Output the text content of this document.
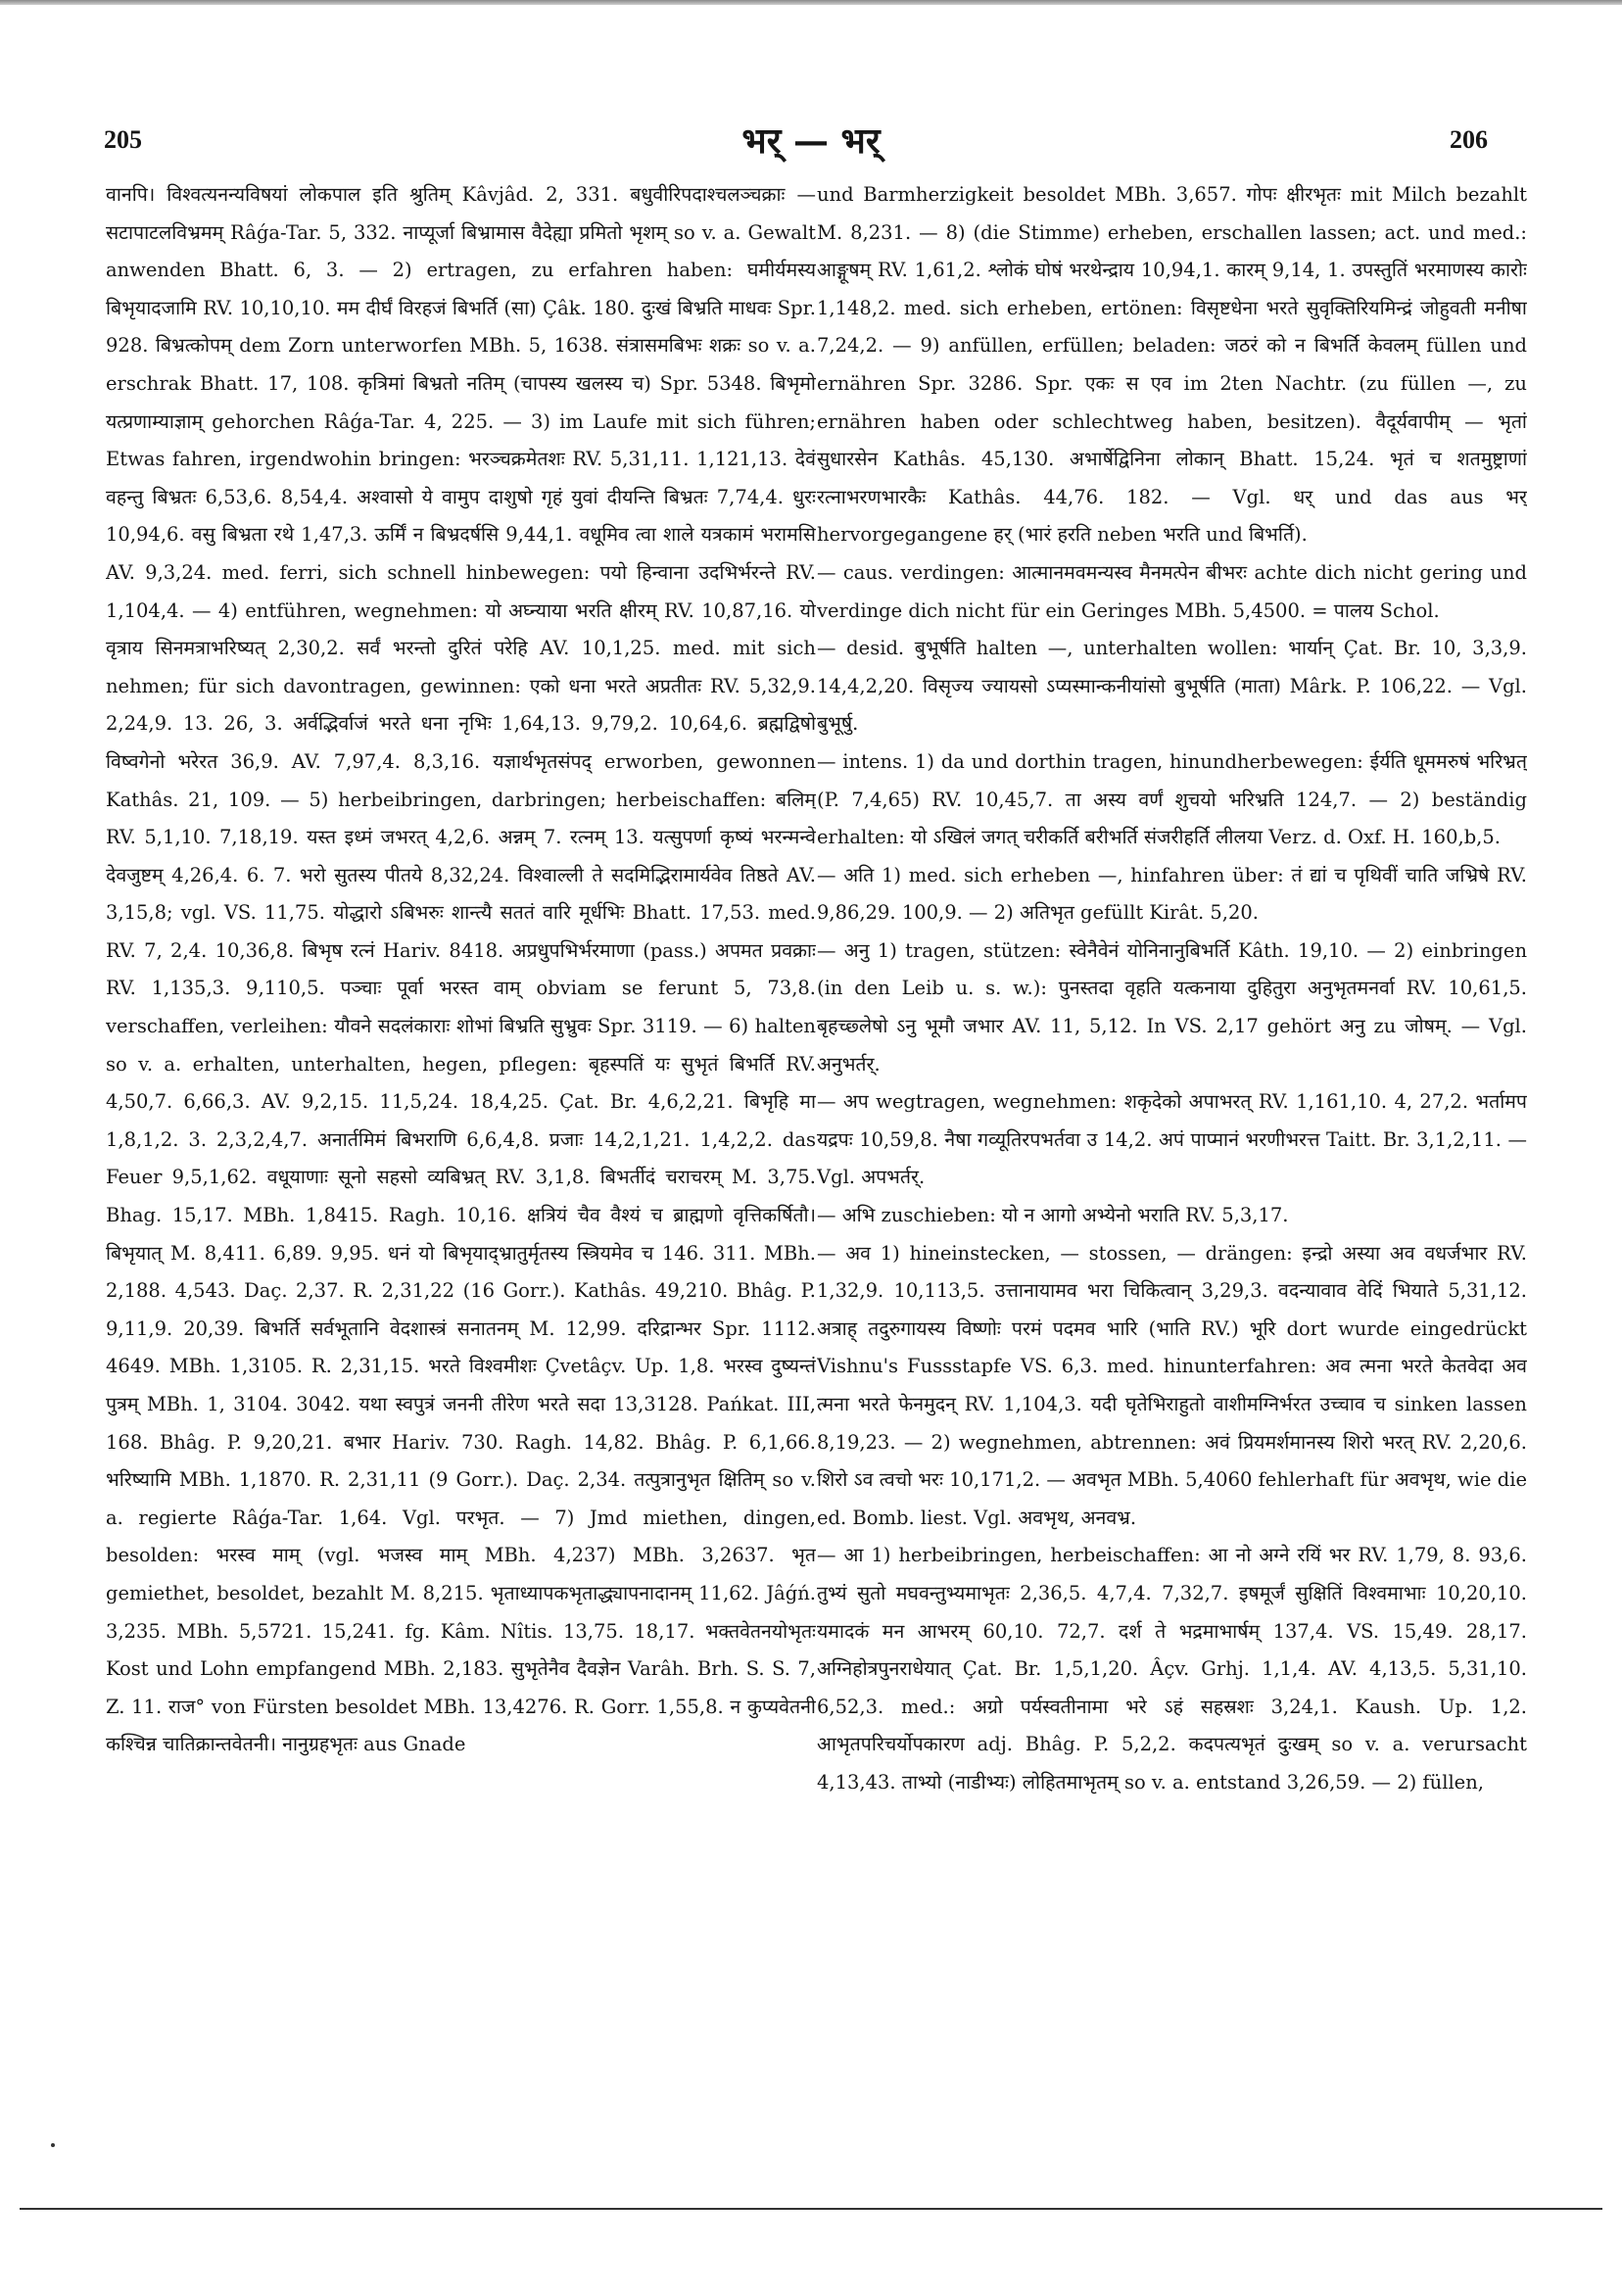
205	भर् — भर्	206

वानपि। विश्वत्यनन्यविषयां लोकपाल इति श्रुतिम् Kâvjâd. 2, 331. बधुवीरिपदाश्चलञ्चक्राः — सटापाटलविभ्रमम् Râǵa-Tar. 5, 332. नाप्यूर्जा बिभ्रामास वैदेह्या प्रमितो भृशम् so v. a. Gewalt anwenden Bhatt. 6, 3. — 2) ertragen, zu erfahren haben: घमीर्यमस्य बिभृयादजामि RV. 10,10,10. मम दीर्घं विरहजं बिभर्ति (सा) Çâk. 180. दुःखं बिभ्रति माधवः Spr. 928. बिभ्रत्कोपम् dem Zorn unterworfen MBh. 5, 1638. संत्रासमबिभः शक्रः so v. a. erschrak Bhatt. 17, 108. कृत्रिमां बिभ्रतो नतिम् (चापस्य खलस्य च) Spr. 5348. बिभृमो यत्प्रणाम्याज्ञाम् gehorchen Râǵa-Tar. 4, 225. — 3) im Laufe mit sich führen; Etwas fahren, irgendwohin bringen: भरञ्चक्रमेतशः RV. 5,31,11. 1,121,13. देवं वहन्तु बिभ्रतः 6,53,6. 8,54,4. अश्वासो ये वामुप दाशुषो गृहं युवां दीयन्ति बिभ्रतः 7,74,4. धुरः 10,94,6. वसु बिभ्रता रथे 1,47,3. ऊर्मिं न बिभ्रदर्षसि 9,44,1. वधूमिव त्वा शाले यत्रकामं भरामसि AV. 9,3,24. med. ferri, sich schnell hinbewegen: पयो हिन्वाना उदभिर्भरन्ते RV. 1,104,4. — 4) entführen, wegnehmen: यो अघ्न्याया भरति क्षीरम् RV. 10,87,16. यो वृत्राय सिनमत्राभरिष्यत् 2,30,2. सर्वं भरन्तो दुरितं परेहि AV. 10,1,25. med. mit sich nehmen; für sich davontragen, gewinnen: एको धना भरते अप्रतीतः RV. 5,32,9. 2,24,9. 13. 26, 3. अर्वद्भिर्वाजं भरते धना नृभिः 1,64,13. 9,79,2. 10,64,6. ब्रह्मद्विषो विष्वगेनो भरेरत 36,9. AV. 7,97,4. 8,3,16. यज्ञार्थभृतसंपद् erworben, gewonnen Kathâs. 21, 109. — 5) herbeibringen, darbringen; herbeischaffen: बलिम् RV. 5,1,10. 7,18,19. यस्त इध्मं जभरत् 4,2,6. अन्नम् 7. रत्नम् 13. यत्सुपर्णा कृष्यं भरन्मन्वे देवजुष्टम् 4,26,4. 6. 7. भरो सुतस्य पीतये 8,32,24. विश्वाल्ली ते सदमिद्भिरामार्यवेव तिष्ठते AV. 3,15,8; vgl. VS. 11,75. योद्धारो ऽबिभरुः शान्त्यै सततं वारि मूर्धभिः Bhatt. 17,53. med. RV. 7, 2,4. 10,36,8. बिभृष रत्नं Hariv. 8418. अप्रधुपभिर्भरमाणा (pass.) अपमत प्रवक्राः RV. 1,135,3. 9,110,5. पञ्चाः पूर्वा भरस्त वाम् obviam se ferunt 5, 73,8. verschaffen, verleihen: यौवने सदलंकाराः शोभां बिभ्रति सुभ्रुवः Spr. 3119. — 6) halten so v. a. erhalten, unterhalten, hegen, pflegen: बृहस्पतिं यः सुभृतं बिभर्ति RV. 4,50,7. 6,66,3. AV. 9,2,15. 11,5,24. 18,4,25. Çat. Br. 4,6,2,21. बिभृहि मा 1,8,1,2. 3. 2,3,2,4,7. अनार्तमिमं बिभराणि 6,6,4,8. प्रजाः 14,2,1,21. 1,4,2,2. das Feuer 9,5,1,62. वधूयाणाः सूनो सहसो व्यबिभ्रत् RV. 3,1,8. बिभर्तीदं चराचरम् M. 3,75. Bhag. 15,17. MBh. 1,8415. Ragh. 10,16. क्षत्रियं चैव वैश्यं च ब्राह्मणो वृत्तिकर्षितौ। बिभृयात् M. 8,411. 6,89. 9,95. धनं यो बिभृयाद्भ्रातुर्मृतस्य स्त्रियमेव च 146. 311. MBh. 2,188. 4,543. Daç. 2,37. R. 2,31,22 (16 Gorr.). Kathâs. 49,210. Bhâg. P. 9,11,9. 20,39. बिभर्ति सर्वभूतानि वेदशास्त्रं सनातनम् M. 12,99. दरिद्रान्भर Spr. 1112. 4649. MBh. 1,3105. R. 2,31,15. भरते विश्वमीशः Çvetâçv. Up. 1,8. भरस्व दुष्यन्तं पुत्रम् MBh. 1, 3104. 3042. यथा स्वपुत्रं जननी तीरेण भरते सदा 13,3128. Pańkat. III, 168. Bhâg. P. 9,20,21. बभार Hariv. 730. Ragh. 14,82. Bhâg. P. 6,1,66. भरिष्यामि MBh. 1,1870. R. 2,31,11 (9 Gorr.). Daç. 2,34. तत्पुत्रानुभृत क्षितिम् so v. a. regierte Râǵa-Tar. 1,64. Vgl. परभृत. — 7) Jmd miethen, dingen, besolden: भरस्व माम् (vgl. भजस्व माम् MBh. 4,237) MBh. 3,2637. भृत gemiethet, besoldet, bezahlt M. 8,215. भृताध्यापकभृताद्ध्यापनादानम् 11,62. Jâǵń. 3,235. MBh. 5,5721. 15,241. fg. Kâm. Nîtis. 13,75. 18,17. भक्तवेतनयोभृतः Kost und Lohn empfangend MBh. 2,183. सुभृतेनैव दैवज्ञेन Varâh. Brh. S. S. 7, Z. 11. राज° von Fürsten besoldet MBh. 13,4276. R. Gorr. 1,55,8. न कुप्यवेतनी कश्चिन्न चातिक्रान्तवेतनी। नानुग्रहभृतः aus Gnade

und Barmherzigkeit besoldet MBh. 3,657. गोपः क्षीरभृतः mit Milch bezahlt M. 8,231. — 8) (die Stimme) erheben, erschallen lassen; act. und med.: आङ्गूषम् RV. 1,61,2. श्लोकं घोषं भरथेन्द्राय 10,94,1. कारम् 9,14, 1. उपस्तुतिं भरमाणस्य कारोः 1,148,2. med. sich erheben, ertönen: विसृष्टधेना भरते सुवृक्तिरियमिन्द्रं जोहुवती मनीषा 7,24,2. — 9) anfüllen, erfüllen; beladen: जठरं को न बिभर्ति केवलम् füllen und ernähren Spr. 3286. Spr. एकः स एव im 2ten Nachtr. (zu füllen —, zu ernähren haben oder schlechtweg haben, besitzen). वैदूर्यवापीम् — भृतां सुधारसेन Kathâs. 45,130. अभार्षेद्विनिना लोकान् Bhatt. 15,24. भृतं च शतमुष्ट्राणां रत्नाभरणभारकैः Kathâs. 44,76. 182. — Vgl. धर् und das aus भर् hervorgegangene हर् (भारं हरति neben भरति und बिभर्ति).

— caus. verdingen: आत्मानमवमन्यस्व मैनमत्पेन बीभरः achte dich nicht gering und verdinge dich nicht für ein Geringes MBh. 5,4500. = पालय Schol.

— desid. बुभूर्षति halten —, unterhalten wollen: भार्यान् Çat. Br. 10, 3,3,9. 14,4,2,20. विसृज्य ज्यायसो ऽप्यस्मान्कनीयांसो बुभूर्षति (माता) Mârk. P. 106,22. — Vgl. बुभूर्षु.

— intens. 1) da und dorthin tragen, hinundherbewegen: ईर्यति धूममरुषं भरिभ्रत् (P. 7,4,65) RV. 10,45,7. ता अस्य वर्णं शुचयो भरिभ्रति 124,7. — 2) beständig erhalten: यो ऽखिलं जगत् चरीकर्ति बरीभर्ति संजरीहर्ति लीलया Verz. d. Oxf. H. 160,b,5.

— अति 1) med. sich erheben —, hinfahren über: तं द्यां च पृथिवीं चाति जभ्रिषे RV. 9,86,29. 100,9. — 2) अतिभृत gefüllt Kirât. 5,20.

— अनु 1) tragen, stützen: स्वेनैवेनं योनिनानुबिभर्ति Kâth. 19,10. — 2) einbringen (in den Leib u. s. w.): पुनस्तदा वृहति यत्कनाया दुहितुरा अनुभृतमनर्वा RV. 10,61,5. बृहच्छ्लेषो ऽनु भूमौ जभार AV. 11, 5,12. In VS. 2,17 gehört अनु zu जोषम्. — Vgl. अनुभर्तर्.

— अप wegtragen, wegnehmen: शकृदेको अपाभरत् RV. 1,161,10. 4, 27,2. भर्तामप यद्रपः 10,59,8. नैषा गव्यूतिरपभर्तवा उ 14,2. अपं पाप्मानं भरणीभरत्त Taitt. Br. 3,1,2,11. — Vgl. अपभर्तर्.

— अभि zuschieben: यो न आगो अभ्येनो भराति RV. 5,3,17.

— अव 1) hineinstecken, — stossen, — drängen: इन्द्रो अस्या अव वधर्जभार RV. 1,32,9. 10,113,5. उत्तानायामव भरा चिकित्वान् 3,29,3. वदन्यावाव वेदिं भियाते 5,31,12. अत्राह् तदुरुगायस्य विष्णोः परमं पदमव भारि (भाति RV.) भूरि dort wurde eingedrückt Vishnu's Fussstapfe VS. 6,3. med. hinunterfahren: अव त्मना भरते केतवेदा अव त्मना भरते फेनमुदन् RV. 1,104,3. यदी घृतेभिराहुतो वाशीमग्निर्भरत उच्चाव च sinken lassen 8,19,23. — 2) wegnehmen, abtrennen: अवं प्रियमर्शमानस्य शिरो भरत् RV. 2,20,6. शिरो ऽव त्वचो भरः 10,171,2. — अवभृत MBh. 5,4060 fehlerhaft für अवभृथ, wie die ed. Bomb. liest. Vgl. अवभृथ, अनवभ्र.

— आ 1) herbeibringen, herbeischaffen: आ नो अग्ने रयिं भर RV. 1,79, 8. 93,6. तुभ्यं सुतो मघवन्तुभ्यमाभृतः 2,36,5. 4,7,4. 7,32,7. इषमूर्जं सुक्षितिं विश्वमाभाः 10,20,10. यमादकं मन आभरम् 60,10. 72,7. दर्श ते भद्रमाभार्षम् 137,4. VS. 15,49. 28,17. अग्निहोत्रपुनराधेयात् Çat. Br. 1,5,1,20. Âçv. Grhj. 1,1,4. AV. 4,13,5. 5,31,10. 6,52,3. med.: अग्रो पर्यस्वतीनामा भरे ऽहं सहस्रशः 3,24,1. Kaush. Up. 1,2. आभृतपरिचर्योपकारण adj. Bhâg. P. 5,2,2. कदपत्यभृतं दुःखम् so v. a. verursacht 4,13,43. ताभ्यो (नाडीभ्यः) लोहितमाभृतम् so v. a. entstand 3,26,59. — 2) füllen,
